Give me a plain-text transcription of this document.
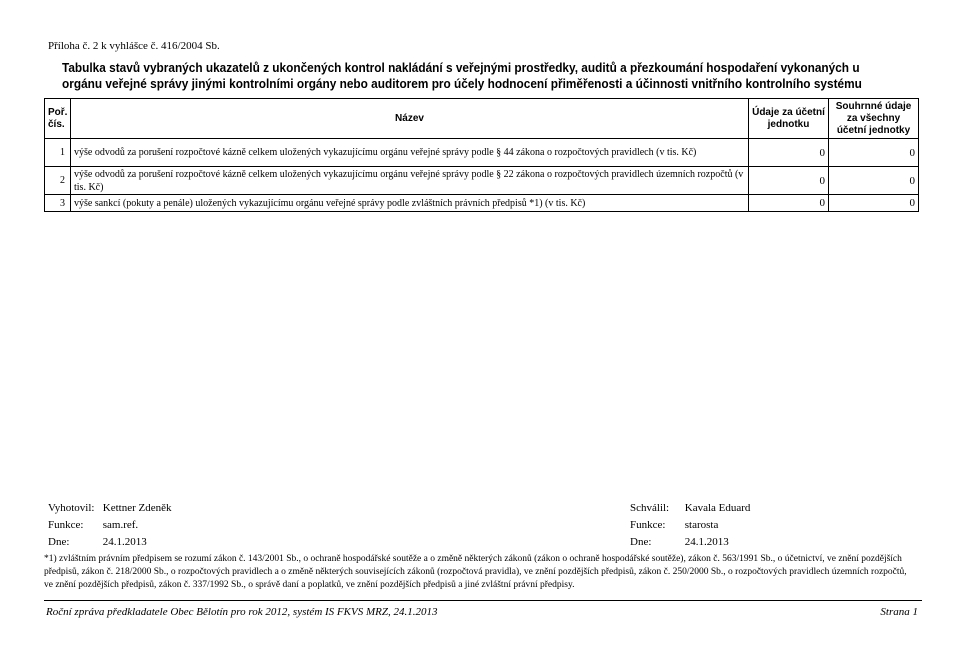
Příloha č. 2 k vyhlášce č. 416/2004 Sb.
Tabulka stavů vybraných ukazatelů z ukončených kontrol nakládání s veřejnými prostředky, auditů a přezkoumání hospodaření vykonaných u orgánu veřejné správy jinými kontrolními orgány nebo auditorem pro účely hodnocení přiměřenosti a účinnosti vnitřního kontrolního systému
Poř. čís.	Název	Údaje za účetní jednotku	Souhrnné údaje za všechny účetní jednotky
1	výše odvodů za porušení rozpočtové kázně celkem uložených vykazujícímu orgánu veřejné správy podle § 44 zákona o rozpočtových pravidlech (v tis. Kč)	0	0
2	výše odvodů za porušení rozpočtové kázně celkem uložených vykazujícímu orgánu veřejné správy podle § 22 zákona o rozpočtových pravidlech územních rozpočtů (v tis. Kč)	0	0
3	výše sankcí (pokuty a penále) uložených vykazujícímu orgánu veřejné správy podle zvláštních právních předpisů *1) (v tis. Kč)	0	0
Vyhotovil: Kettner Zdeněk
Funkce: sam.ref.
Dne:	24.1.2013
Schválil: Kavala Eduard
Funkce: starosta
Dne:	24.1.2013
*1) zvláštním právním předpisem se rozumí zákon č. 143/2001 Sb., o ochraně hospodářské soutěže a o změně některých zákonů (zákon o ochraně hospodářské soutěže), zákon č. 563/1991 Sb., o účetnictví, ve znění pozdějších předpisů, zákon č. 218/2000 Sb., o rozpočtových pravidlech a o změně některých souvisejících zákonů (rozpočtová pravidla), ve znění pozdějších předpisů, zákon č. 250/2000 Sb., o rozpočtových pravidlech územních rozpočtů, ve znění pozdějších předpisů, zákon č. 337/1992 Sb., o správě daní a poplatků, ve znění pozdějších předpisů a jiné zvláštní právní předpisy.
Roční zpráva předkladatele Obec Bělotín pro rok 2012, systém IS FKVS MRZ, 24.1.2013	Strana 1
